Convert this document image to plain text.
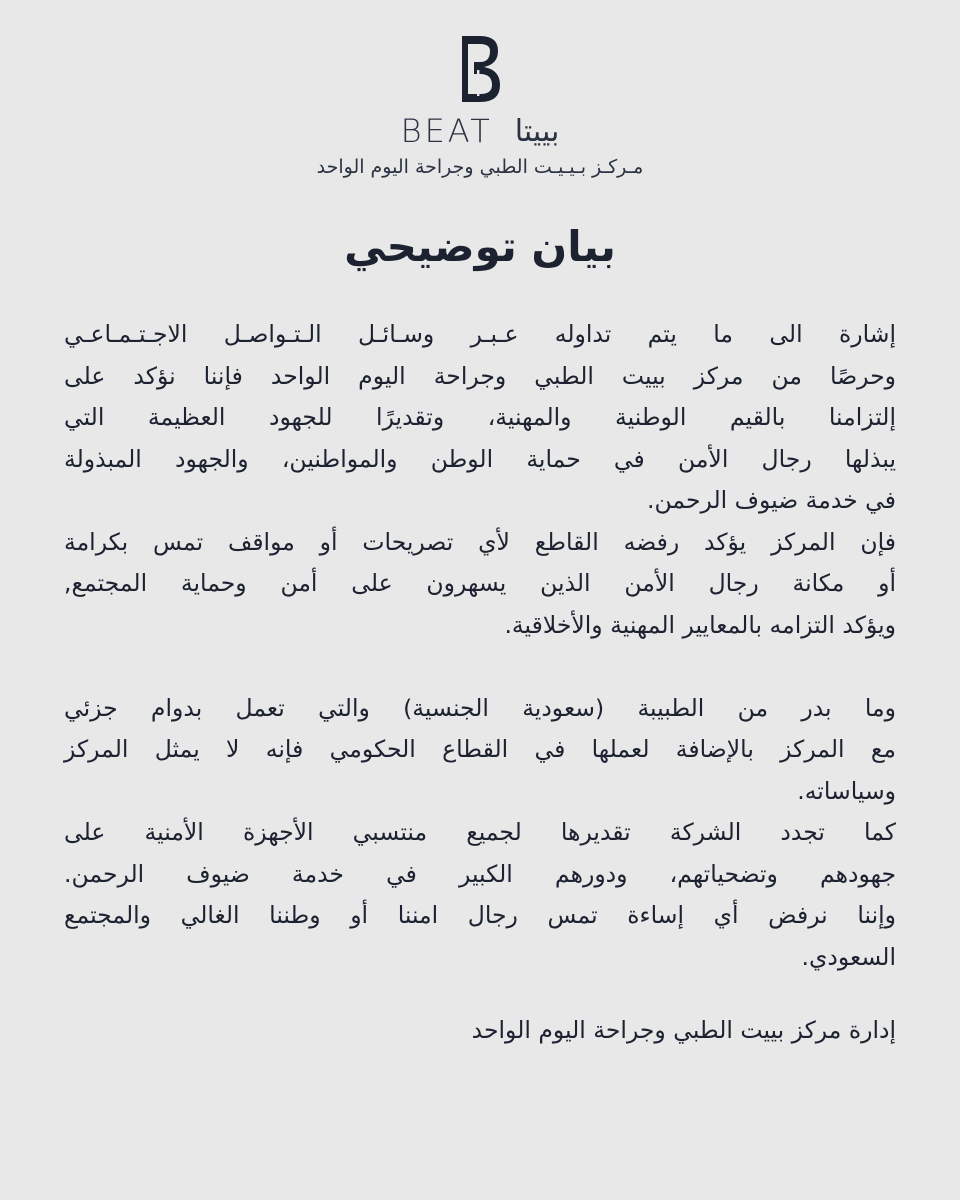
BEAT بييتا
مـركـز بـيـيـت الطبي وجراحة اليوم الواحد
بيان توضيحي
إشارة الى ما يتم تداوله عـبـر وسـائـل الـتـواصـل الاجـتـمـاعـي
وحرصًا من مركز بييت الطبي وجراحة اليوم الواحد فإننا نؤكد على
إلتزامنا بالقيم الوطنية والمهنية، وتقديرًا للجهود العظيمة التي
يبذلها رجال الأمن في حماية الوطن والمواطنين، والجهود المبذولة
في خدمة ضيوف الرحمن.
فإن المركز يؤكد رفضه القاطع لأي تصريحات أو مواقف تمس بكرامة
أو مكانة رجال الأمن الذين يسهرون على أمن وحماية المجتمع,
ويؤكد التزامه بالمعايير المهنية والأخلاقية.
وما بدر من الطبيبة (سعودية الجنسية) والتي تعمل بدوام جزئي
مع المركز بالإضافة لعملها في القطاع الحكومي فإنه لا يمثل المركز
وسياساته.
كما تجدد الشركة تقديرها لجميع منتسبي الأجهزة الأمنية على
جهودهم وتضحياتهم، ودورهم الكبير في خدمة ضيوف الرحمن.
وإننا نرفض أي إساءة تمس رجال امننا أو وطننا الغالي والمجتمع
السعودي.
إدارة مركز بييت الطبي وجراحة اليوم الواحد
